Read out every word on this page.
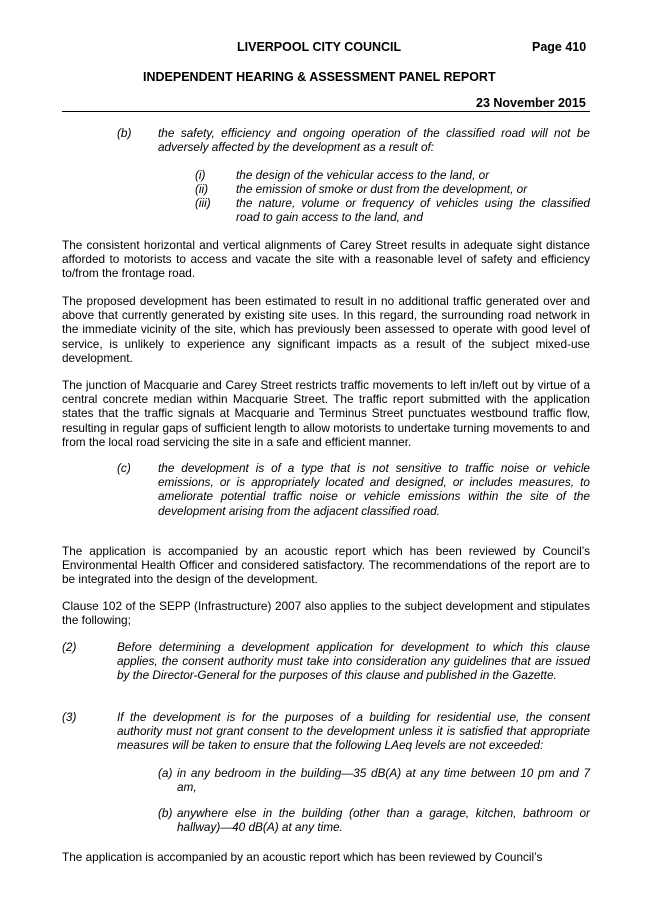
LIVERPOOL CITY COUNCIL	Page 410
INDEPENDENT HEARING & ASSESSMENT PANEL REPORT
23 November 2015
(b) the safety, efficiency and ongoing operation of the classified road will not be adversely affected by the development as a result of:
(i)	the design of the vehicular access to the land, or
(ii) the emission of smoke or dust from the development, or
(iii) the nature, volume or frequency of vehicles using the classified road to gain access to the land, and
The consistent horizontal and vertical alignments of Carey Street results in adequate sight distance afforded to motorists to access and vacate the site with a reasonable level of safety and efficiency to/from the frontage road.
The proposed development has been estimated to result in no additional traffic generated over and above that currently generated by existing site uses. In this regard, the surrounding road network in the immediate vicinity of the site, which has previously been assessed to operate with good level of service, is unlikely to experience any significant impacts as a result of the subject mixed-use development.
The junction of Macquarie and Carey Street restricts traffic movements to left in/left out by virtue of a central concrete median within Macquarie Street. The traffic report submitted with the application states that the traffic signals at Macquarie and Terminus Street punctuates westbound traffic flow, resulting in regular gaps of sufficient length to allow motorists to undertake turning movements to and from the local road servicing the site in a safe and efficient manner.
(c) the development is of a type that is not sensitive to traffic noise or vehicle emissions, or is appropriately located and designed, or includes measures, to ameliorate potential traffic noise or vehicle emissions within the site of the development arising from the adjacent classified road.
The application is accompanied by an acoustic report which has been reviewed by Council’s Environmental Health Officer and considered satisfactory. The recommendations of the report are to be integrated into the design of the development.
Clause 102 of the SEPP (Infrastructure) 2007 also applies to the subject development and stipulates the following;
(2)	Before determining a development application for development to which this clause applies, the consent authority must take into consideration any guidelines that are issued by the Director-General for the purposes of this clause and published in the Gazette.
(3)	If the development is for the purposes of a building for residential use, the consent authority must not grant consent to the development unless it is satisfied that appropriate measures will be taken to ensure that the following LAeq levels are not exceeded:
(a) in any bedroom in the building—35 dB(A) at any time between 10 pm and 7 am,
(b) anywhere else in the building (other than a garage, kitchen, bathroom or hallway)—40 dB(A) at any time.
The application is accompanied by an acoustic report which has been reviewed by Council’s
